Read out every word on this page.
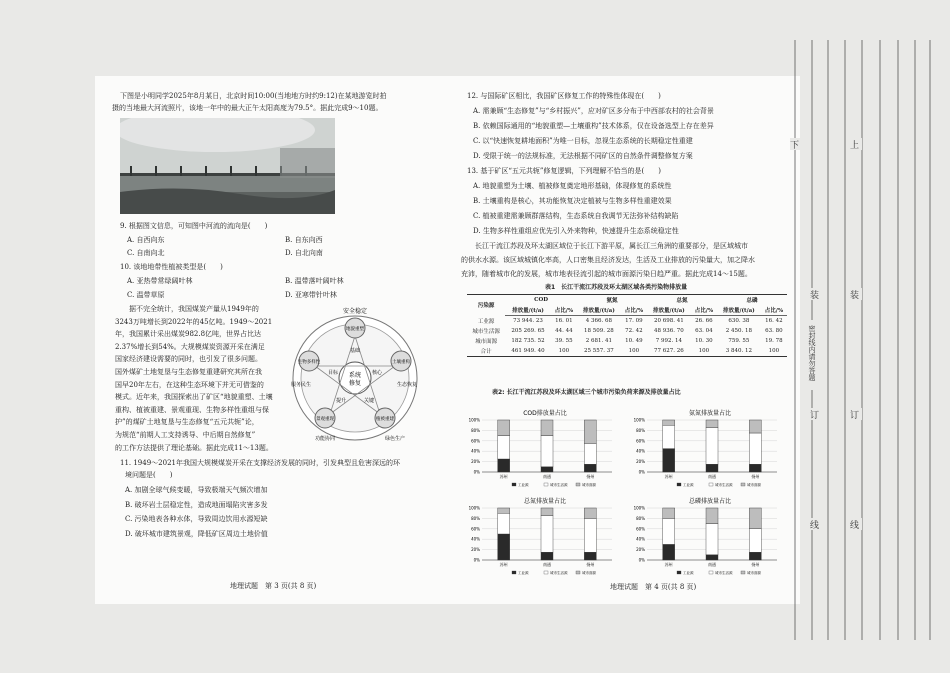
下图是小明同学2025年8月某日，北京时间10:00(当地地方时约9:12)在某地游览时拍
摄的当地最大河流照片，该地一年中的最大正午太阳高度为79.5°。据此完成9～10题。
9. 根据图文信息，可知图中河流的流向是(　　)
A. 自西向东	B. 自东向西
C. 自南向北	D. 自北向南
10. 该地地带性植被类型是(　　)
A. 亚热带常绿阔叶林	B. 温带落叶阔叶林
C. 温带草原	D. 亚寒带针叶林
　　据不完全统计，我国煤炭产量从1949年的
3243万吨增长到2022年的45亿吨。1949～2021
年，我国累计采出煤炭982.8亿吨，世界占比达
2.37%增长到54%。大规模煤炭资源开采在满足
国家经济建设需要的同时，也引发了很多问题。
国外煤矿土地复垦与生态修复重建研究其所在我
国早20年左右，在这种生态环境下并无可借鉴的
模式。近年来，我国探索出了矿区“地貌重塑、土壤
重构、植被重建、景观重现、生物多样性重组与保
护”的煤矿土地复垦与生态修复“五元共轭”论，
为规范“前期人工支持诱导、中后期自然修复”
的工作方法提供了理论基础。据此完成11～13题。
安全稳定
系统
修复
地貌重塑
土壤重构
植被重建
景观重现
生物多样性
基础
核心
关键
提升
目标
服务民生	生态恢复
绿色生产
功能协同
11. 1949～2021年我国大规模煤炭开采在支撑经济发展的同时，引发典型且危害深远的环
境问题是(　　)
A. 加剧全球气候变暖，导致极端天气频次增加
B. 破坏岩土层稳定性，造成地面塌陷灾害多发
C. 污染地表各种水体，导致周边饮用水源短缺
D. 破坏城市建筑景观，降低矿区周边土地价值
地理试题　第 3 页(共 8 页)
12. 与国际矿区相比，我国矿区修复工作的特殊性体现在(　　)
A. 需兼顾“生态修复”与“乡村振兴”，应对矿区多分布于中西部农村的社会背景
B. 依赖国际通用的“地貌重塑—土壤重构”技术体系，仅在设备选型上存在差异
C. 以“快速恢复耕地面积”为唯一目标，忽视生态系统的长期稳定性重建
D. 受限于统一的法规标准，无法根据不同矿区的自然条件调整修复方案
13. 基于矿区“五元共轭”修复逻辑，下列理解不恰当的是(　　)
A. 地貌重塑为土壤、植被修复奠定地形基础，体现修复的系统性
B. 土壤重构是核心，其功能恢复决定植被与生物多样性重建效果
C. 植被重建需兼顾群落结构，生态系统自我调节无法弥补结构缺陷
D. 生物多样性重组应优先引入外来物种，快速提升生态系统稳定性
　　长江干流江苏段及环太湖区域位于长江下游平原，属长江三角洲的重要部分，是区域城市
的供水水源。该区域城镇化率高，人口密集且经济发达，生活及工业排放的污染量大，加之降水
充沛，随着城市化的发展，城市地表径流引起的城市面源污染日趋严重。据此完成14～15题。
表1　长江干流江苏段及环太湖区域各类污染物排放量
污染源	COD		氨氮		总氮		总磷	
	排放量/(t/a)	占比/%	排放量/(t/a)	占比/%	排放量/(t/a)	占比/%	排放量/(t/a)	占比/%
工业源	73 944. 23	16. 01	4 366. 68	17. 09	20 698. 41	26. 66	630. 38	16. 42
城市生活源	205 269. 65	44. 44	18 509. 28	72. 42	48 936. 70	63. 04	2 450. 18	63. 80
城市面源	182 735. 52	39. 55	2 681. 41	10. 49	7 992. 14	10. 30	759. 55	19. 78
合计	461 949. 40	100	25 557. 37	100	77 627. 26	100	3 840. 12	100
表2: 长江干流江苏段及环太湖区域三个城市污染负荷来源及排放量占比
COD排放量占比
0%
20%
40%
60%
80%
100%
苏州	南通	扬州
工业源	城市生活源	城市面源
氨氮排放量占比
0%
20%
40%
60%
80%
100%
苏州	南通	扬州
工业源	城市生活源	城市面源
总氮排放量占比
0%
20%
40%
60%
80%
100%
苏州	南通	扬州
工业源	城市生活源	城市面源
总磷排放量占比
0%
20%
40%
60%
80%
100%
苏州	南通	扬州
工业源	城市生活源	城市面源
地理试题　第 4 页(共 8 页)
下	上
装	装
订	订
线	线
密封线内请勿答题
